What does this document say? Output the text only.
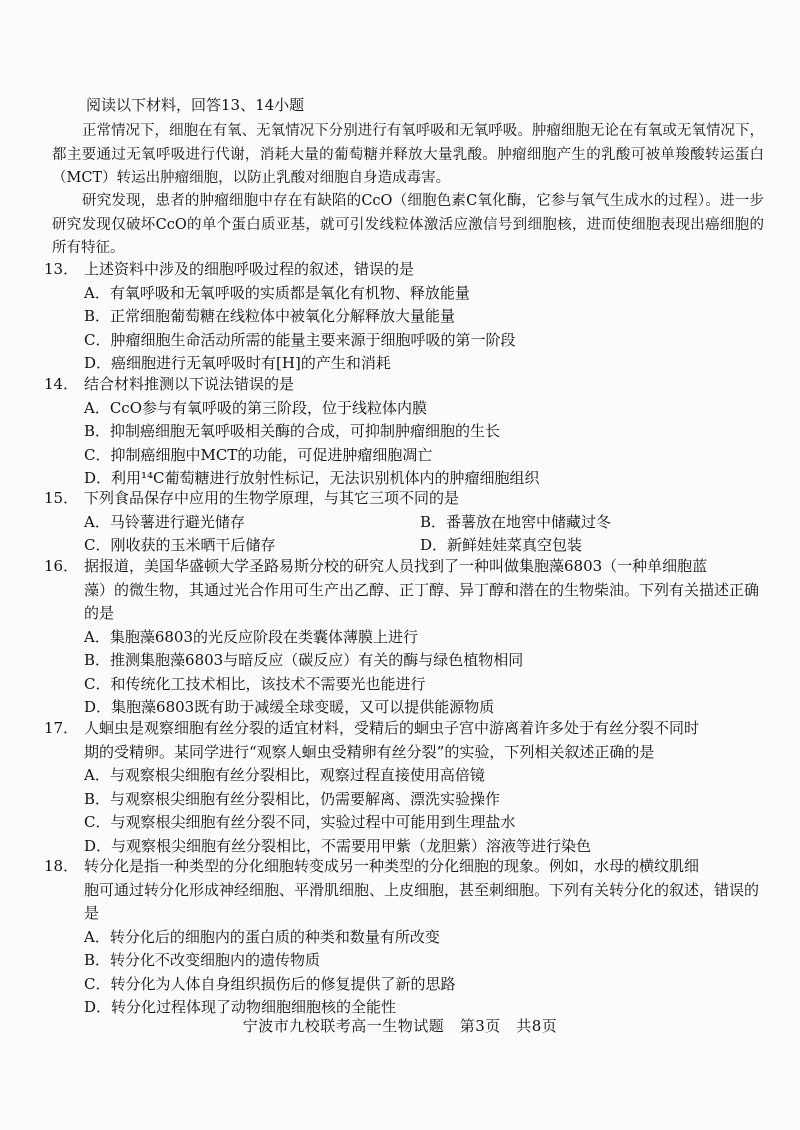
阅读以下材料，回答13、14小题
正常情况下，细胞在有氧、无氧情况下分别进行有氧呼吸和无氧呼吸。肿瘤细胞无论在有氧或无氧情况下，都主要通过无氧呼吸进行代谢，消耗大量的葡萄糖并释放大量乳酸。肿瘤细胞产生的乳酸可被单羧酸转运蛋白（MCT）转运出肿瘤细胞，以防止乳酸对细胞自身造成毒害。
研究发现，患者的肿瘤细胞中存在有缺陷的CcO（细胞色素C氧化酶，它参与氧气生成水的过程）。进一步研究发现仅破坏CcO的单个蛋白质亚基，就可引发线粒体激活应激信号到细胞核，进而使细胞表现出癌细胞的所有特征。
13． 上述资料中涉及的细胞呼吸过程的叙述，错误的是
A．有氧呼吸和无氧呼吸的实质都是氧化有机物、释放能量
B．正常细胞葡萄糖在线粒体中被氧化分解释放大量能量
C．肿瘤细胞生命活动所需的能量主要来源于细胞呼吸的第一阶段
D．癌细胞进行无氧呼吸时有[H]的产生和消耗
14． 结合材料推测以下说法错误的是
A．CcO参与有氧呼吸的第三阶段，位于线粒体内膜
B．抑制癌细胞无氧呼吸相关酶的合成，可抑制肿瘤细胞的生长
C．抑制癌细胞中MCT的功能，可促进肿瘤细胞凋亡
D．利用¹⁴C葡萄糖进行放射性标记，无法识别机体内的肿瘤细胞组织
15． 下列食品保存中应用的生物学原理，与其它三项不同的是
A．马铃薯进行避光储存	B．番薯放在地窖中储藏过冬C．刚收获的玉米晒干后储存	D．新鲜娃娃菜真空包装
16． 据报道，美国华盛顿大学圣路易斯分校的研究人员找到了一种叫做集胞藻6803（一种单细胞蓝
藻）的微生物，其通过光合作用可生产出乙醇、正丁醇、异丁醇和潜在的生物柴油。下列有关描述正确的是
A．集胞藻6803的光反应阶段在类囊体薄膜上进行
B．推测集胞藻6803与暗反应（碳反应）有关的酶与绿色植物相同
C．和传统化工技术相比，该技术不需要光也能进行
D．集胞藻6803既有助于减缓全球变暖，又可以提供能源物质
17． 人蛔虫是观察细胞有丝分裂的适宜材料，受精后的蛔虫子宫中游离着许多处于有丝分裂不同时
期的受精卵。某同学进行“观察人蛔虫受精卵有丝分裂”的实验，下列相关叙述正确的是
A．与观察根尖细胞有丝分裂相比，观察过程直接使用高倍镜
B．与观察根尖细胞有丝分裂相比，仍需要解离、漂洗实验操作
C．与观察根尖细胞有丝分裂不同，实验过程中可能用到生理盐水
D．与观察根尖细胞有丝分裂相比，不需要用甲紫（龙胆紫）溶液等进行染色
18． 转分化是指一种类型的分化细胞转变成另一种类型的分化细胞的现象。例如，水母的横纹肌细
胞可通过转分化形成神经细胞、平滑肌细胞、上皮细胞，甚至刺细胞。下列有关转分化的叙述，错误的是
A．转分化后的细胞内的蛋白质的种类和数量有所改变
B．转分化不改变细胞内的遗传物质
C．转分化为人体自身组织损伤后的修复提供了新的思路
D．转分化过程体现了动物细胞细胞核的全能性
宁波市九校联考高一生物试题　第3页　共8页
